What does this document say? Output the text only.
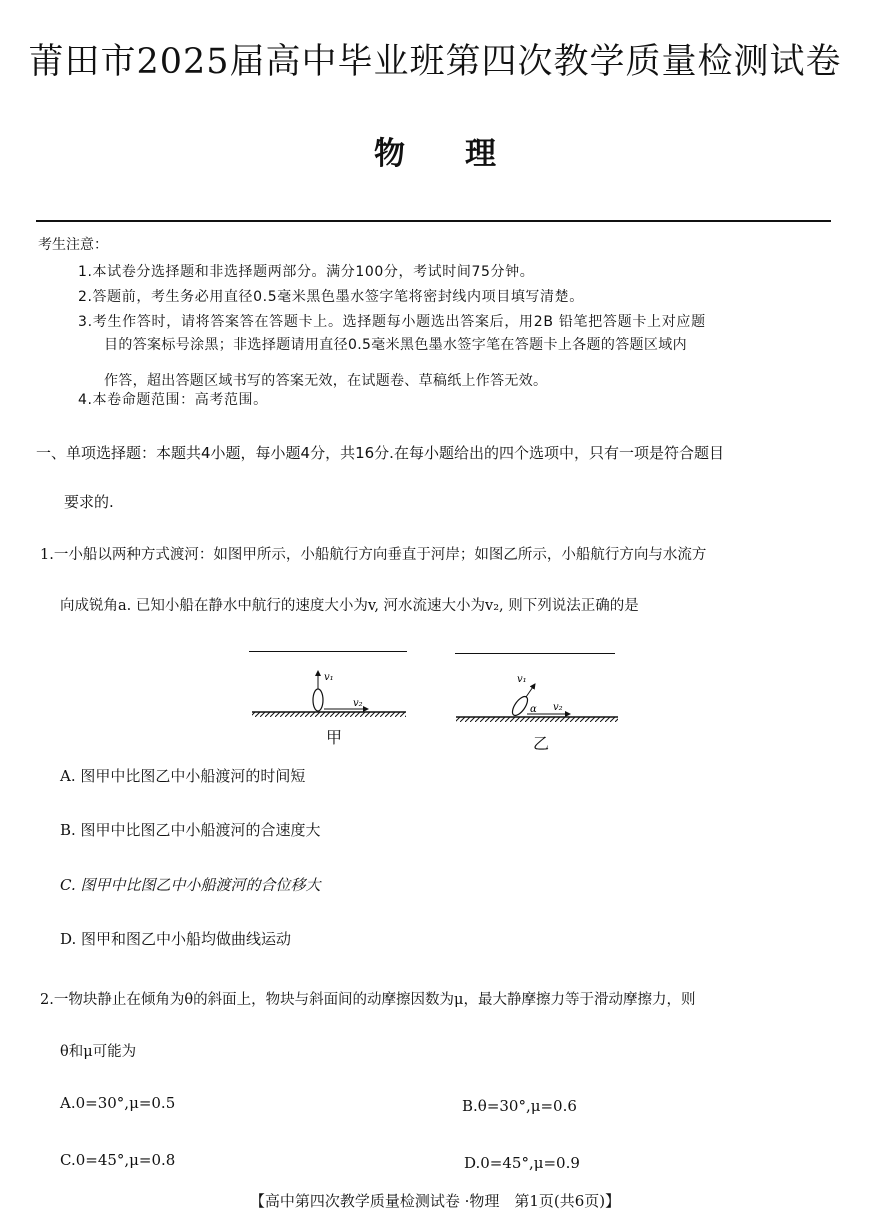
莆田市2025届高中毕业班第四次教学质量检测试卷
物理
考生注意：
1.本试卷分选择题和非选择题两部分。满分100分，考试时间75分钟。
2.答题前，考生务必用直径0.5毫米黑色墨水签字笔将密封线内项目填写清楚。
3.考生作答时，请将答案答在答题卡上。选择题每小题选出答案后，用2B 铅笔把答题卡上对应题
目的答案标号涂黑；非选择题请用直径0.5毫米黑色墨水签字笔在答题卡上各题的答题区域内
作答，超出答题区域书写的答案无效，在试题卷、草稿纸上作答无效。
4.本卷命题范围：高考范围。
一、单项选择题：本题共4小题，每小题4分，共16分.在每小题给出的四个选项中，只有一项是符合题目
要求的.
1.一小船以两种方式渡河：如图甲所示，小船航行方向垂直于河岸；如图乙所示，小船航行方向与水流方
向成锐角a. 已知小船在静水中航行的速度大小为v, 河水流速大小为v₂, 则下列说法正确的是
v₁
v₂
v₁
v₂
α
甲	乙
A. 图甲中比图乙中小船渡河的时间短
B. 图甲中比图乙中小船渡河的合速度大
C. 图甲中比图乙中小船渡河的合位移大
D. 图甲和图乙中小船均做曲线运动
2.一物块静止在倾角为θ的斜面上，物块与斜面间的动摩擦因数为μ，最大静摩擦力等于滑动摩擦力，则
θ和μ可能为
A.0=30°,μ=0.5	B.θ=30°,μ=0.6
C.0=45°,μ=0.8	D.0=45°,μ=0.9
【高中第四次教学质量检测试卷 ·物理　第1页(共6页)】
